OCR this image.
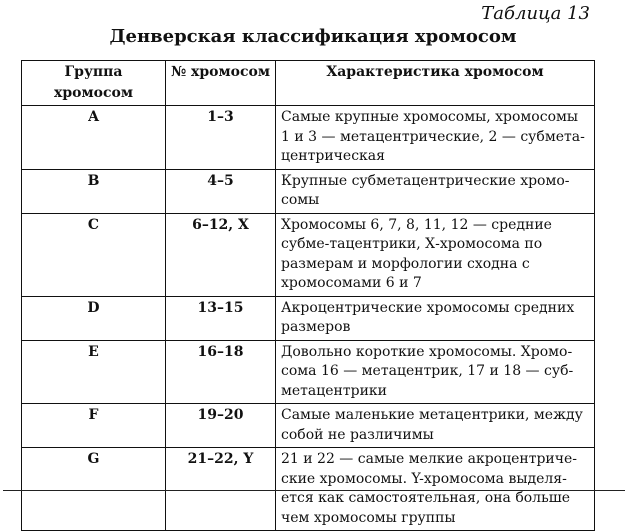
Таблица 13
Денверская классификация хромосом
Группа хромосом	№ хромосом	Характеристика хромосом
A	1–3	Самые крупные хромосомы, хромосомы 1 и 3 — метацентрические, 2 — субмета-центрическая
B	4–5	Крупные субметацентрические хромо-сомы
C	6–12, X	Хромосомы 6, 7, 8, 11, 12 — средние субме-тацентрики, Х-хромосома по размерам и морфологии сходна с хромосомами 6 и 7
D	13–15	Акроцентрические хромосомы средних размеров
E	16–18	Довольно короткие хромосомы. Хромо-сома 16 — метацентрик, 17 и 18 — суб-метацентрики
F	19–20	Самые маленькие метацентрики, между собой не различимы
G	21–22, Y	21 и 22 — самые мелкие акроцентриче-ские хромосомы. Y-хромосома выделя-ется как самостоятельная, она больше чем хромосомы группы
